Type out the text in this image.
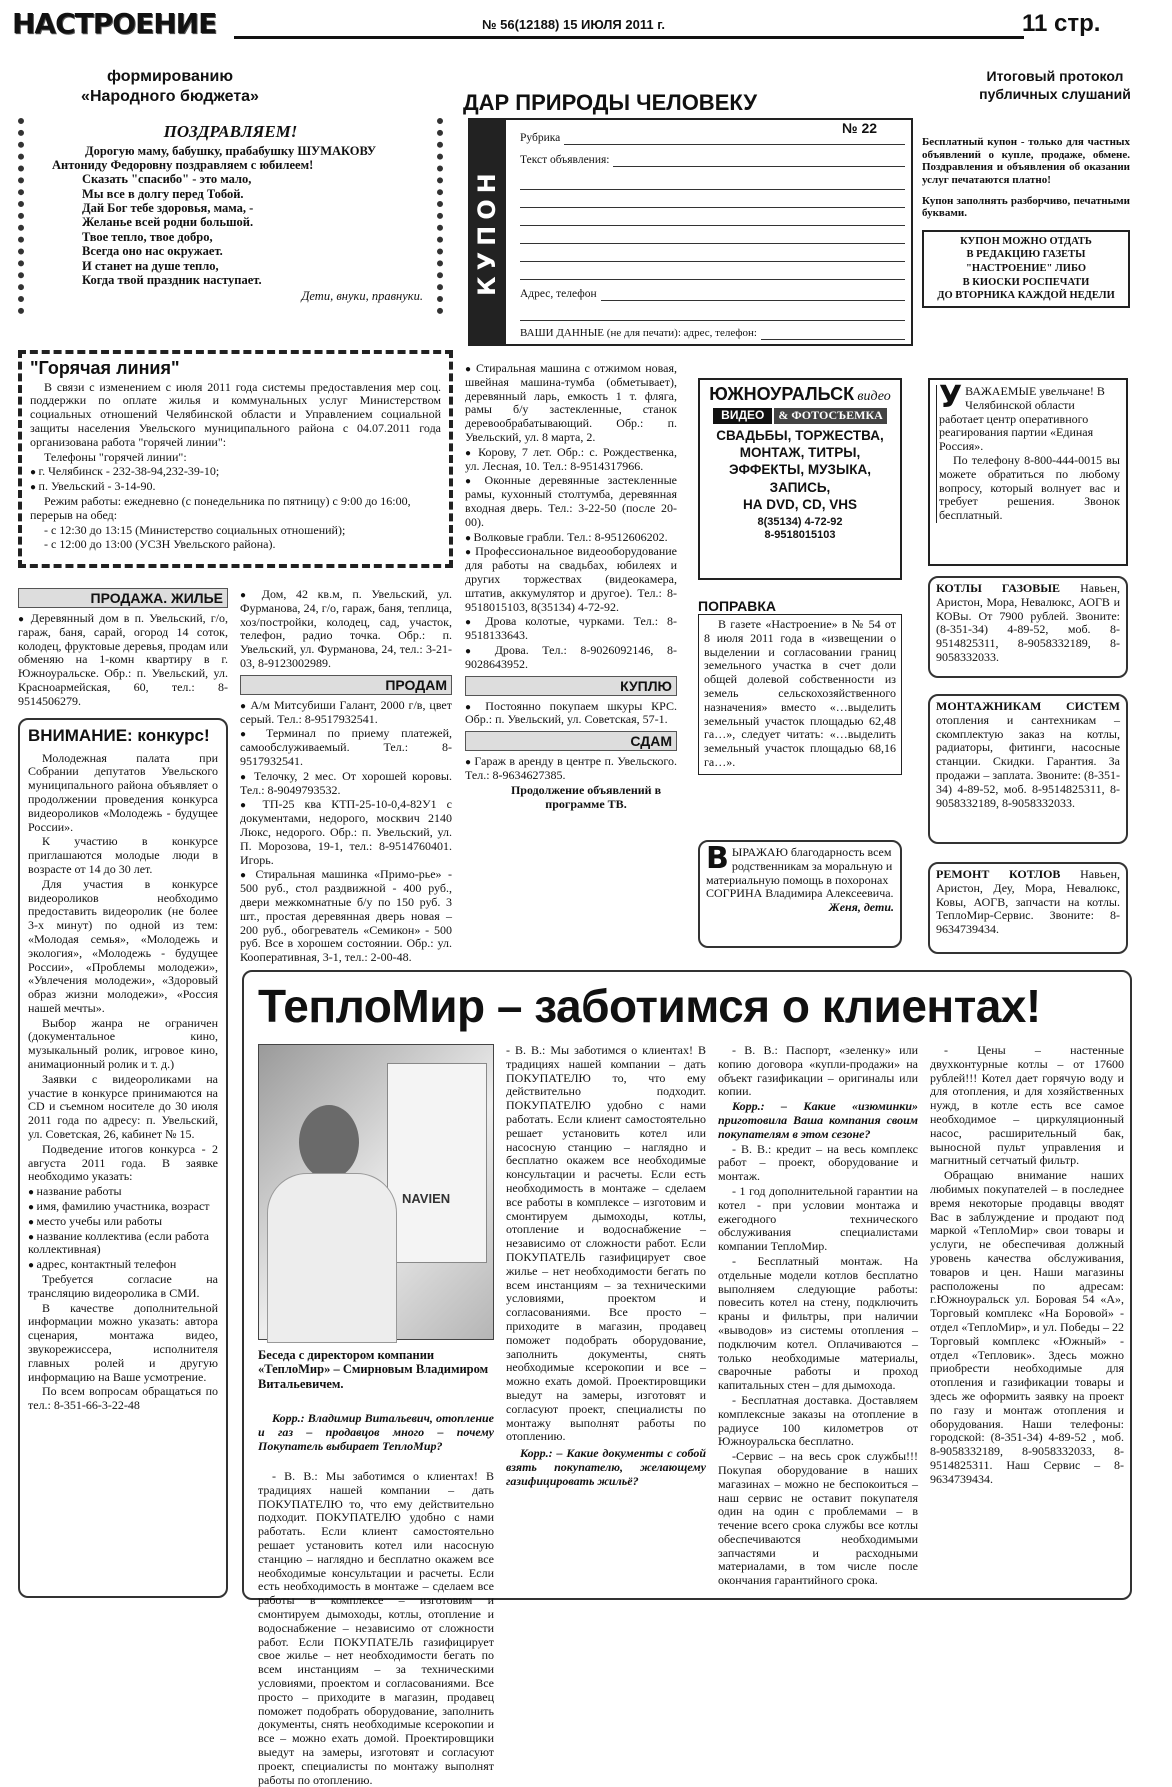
НАСТРОЕНИЕ	№ 56(12188) 15 ИЮЛЯ 2011 г.	11 стр.
формированию
«Народного бюджета»	ДАР ПРИРОДЫ ЧЕЛОВЕКУ
Итоговый протокол
публичных слушаний
ПОЗДРАВЛЯЕМ!
Дорогую маму, бабушку, прабабушку ШУМАКОВУ
Антониду Федоровну поздравляем с юбилеем!
Сказать "спасибо" - это мало,
Мы все в долгу перед Тобой.
Дай Бог тебе здоровья, мама, -
Желанье всей родни большой.
Твое тепло, твое добро,
Всегда оно нас окружает.
И станет на душе тепло,
Когда твой праздник наступает.
Дети, внуки, правнуки. КУПОН
№ 22
Рубрика
Текст объявления:
Адрес, телефон
ВАШИ ДАННЫЕ (не для печати): адрес, телефон:
Бесплатный купон - только для частных объявлений о купле, продаже, обмене. Поздравления и объявления об оказании услуг печатаются платно!
Купон заполнять разборчиво, печатными буквами.
КУПОН МОЖНО ОТДАТЬ
В РЕДАКЦИЮ ГАЗЕТЫ
"НАСТРОЕНИЕ" ЛИБО
В КИОСКИ РОСПЕЧАТИ
ДО ВТОРНИКА КАЖДОЙ НЕДЕЛИ
"Горячая линия"

В связи с изменением с июля 2011 года системы предоставления мер соц. поддержки по оплате жилья и коммунальных услуг Министерством социальных отношений Челябинской области и Управлением социальной защиты населения Увельского муниципального района с 04.07.2011 года организована работа "горячей линии":

Телефоны "горячей линии":

● г. Челябинск - 232-38-94,232-39-10;

● п. Увельский - 3-14-90.

Режим работы: ежедневно (с понедельника по пятницу) с 9:00 до 16:00, перерыв на обед:

- с 12:30 до 13:15 (Министерство социальных отношений);

- с 12:00 до 13:00 (УСЗН Увельского района).

ПРОДАЖА. ЖИЛЬЕ

● Деревянный дом в п. Увельский, г/о, гараж, баня, сарай, огород 14 соток, колодец, фруктовые деревья, продам или обменяю на 1-комн квартиру в г. Южноуральске. Обр.: п. Увельский, ул. Красноармейская, 60, тел.: 8-9514506279.

ВНИМАНИЕ: конкурс!

Молодежная палата при Собрании депутатов Увельского муниципального района объявляет о продолжении проведения конкурса видеороликов «Молодежь - будущее России».

К участию в конкурсе приглашаются молодые люди в возрасте от 14 до 30 лет.

Для участия в конкурсе видеороликов необходимо предоставить видеоролик (не более 3-х минут) по одной из тем: «Молодая семья», «Молодежь и экология», «Молодежь - будущее России», «Проблемы молодежи», «Увлечения молодежи», «Здоровый образ жизни молодежи», «Россия нашей мечты».

Выбор жанра не ограничен (документальное кино, музыкальный ролик, игровое кино, анимационный ролик и т. д.)

Заявки с видеороликами на участие в конкурсе принимаются на CD и съемном носителе до 30 июля 2011 года по адресу: п. Увельский, ул. Советская, 26, кабинет № 15.

Подведение итогов конкурса - 2 августа 2011 года. В заявке необходимо указать:

● название работы

● имя, фамилию участника, возраст

● место учебы или работы

● название коллектива (если работа коллективная)

● адрес, контактный телефон

Требуется согласие на трансляцию видеоролика в СМИ.

В качестве дополнительной информации можно указать: автора сценария, монтажа видео, звукорежиссера, исполнителя главных ролей и другую информацию на Ваше усмотрение.

По всем вопросам обращаться по тел.: 8-351-66-3-22-48

● Дом, 42 кв.м, п. Увельский, ул. Фурманова, 24, г/о, гараж, баня, теплица, хоз/постройки, колодец, сад, участок, телефон, радио точка. Обр.: п. Увельский, ул. Фурманова, 24, тел.: 3-21-03, 8-9123002989.

ПРОДАМ

● А/м Митсубиши Галант, 2000 г/в, цвет серый. Тел.: 8-9517932541.

● Терминал по приему платежей, самообслуживаемый. Тел.: 8-9517932541.

● Телочку, 2 мес. От хорошей коровы. Тел.: 8-9049793532.

● ТП-25 ква КТП-25-10-0,4-82У1 с документами, недорого, москвич 2140 Люкс, недорого. Обр.: п. Увельский, ул. П. Морозова, 19-1, тел.: 8-9514760401. Игорь.

● Стиральная машинка «Примо-рье» - 500 руб., стол раздвижной - 400 руб., двери межкомнатные б/у по 150 руб. 3 шт., простая деревянная дверь новая – 200 руб., обогреватель «Семикон» - 500 руб. Все в хорошем состоянии. Обр.: ул. Кооперативная, 3-1, тел.: 2-00-48.

● Стиральная машина с отжимом новая, швейная машина-тумба (обметывает), деревянный ларь, емкость 1 т. фляга, рамы б/у застекленные, станок деревообрабатывающий. Обр.: п. Увельский, ул. 8 марта, 2.

● Корову, 7 лет. Обр.: с. Рождественка, ул. Лесная, 10. Тел.: 8-9514317966.

● Оконные деревянные застекленные рамы, кухонный столтумба, деревянная входная дверь. Тел.: 3-22-50 (после 20-00).

● Волковые грабли. Тел.: 8-9512606202.

● Профессиональное видеооборудование для работы на свадьбах, юбилеях и других торжествах (видеокамера, штатив, аккумулятор и другое). Тел.: 8-9518015103, 8(35134) 4-72-92.

● Дрова колотые, чурками. Тел.: 8-9518133643.

● Дрова. Тел.: 8-9026092146, 8-9028643952.

КУПЛЮ

● Постоянно покупаем шкуры КРС. Обр.: п. Увельский, ул. Советская, 57-1.

СДАМ

● Гараж в аренду в центре п. Увельского. Тел.: 8-9634627385.

Продолжение объявлений в программе ТВ.

ЮЖНОУРАЛЬСК видео
ВИДЕО	& ФОТОСЪЕМКА
СВАДЬБЫ, ТОРЖЕСТВА,
МОНТАЖ, ТИТРЫ,
ЭФФЕКТЫ, МУЗЫКА,
ЗАПИСЬ,
НА DVD, CD, VHS
8(35134) 4-72-92
8-9518015103
ПОПРАВКА

В газете «Настроение» в № 54 от 8 июля 2011 года в «извещении о выделении и согласовании границ земельного участка в счет доли общей долевой собственности из земель сельскохозяйственного назначения» вместо «…выделить земельный участок площадью 62,48 га…», следует читать: «…выделить земельный участок площадью 68,16 га…».

В ЫРАЖАЮ благодарность всем родственникам за моральную и материальную помощь в похоронах СОГРИНА Владимира Алексеевича.
Женя, дети.
У ВАЖАЕМЫЕ увельчане! В Челябинской области работает центр оперативного реагирования партии «Единая Россия».

По телефону 8-800-444-0015 вы можете обратиться по любому вопросу, который волнует вас и требует решения. Звонок бесплатный.

КОТЛЫ ГАЗОВЫЕ Навьен, Аристон, Мора, Невалюкс, АОГВ и КОВы. От 7900 рублей. Звоните: (8-351-34) 4-89-52, моб. 8-9514825311, 8-9058332189, 8-9058332033.

МОНТАЖНИКАМ СИСТЕМ отопления и сантехникам – скомплектую заказ на котлы, радиаторы, фитинги, насосные станции. Скидки. Гарантия. За продажи – заплата. Звоните: (8-351-34) 4-89-52, моб. 8-9514825311, 8-9058332189, 8-9058332033.

РЕМОНТ КОТЛОВ Навьен, Аристон, Деу, Мора, Невалюкс, Ковы, АОГВ, запчасти на котлы. ТеплоМир-Сервис. Звоните: 8-9634739434.

ТеплоМир – заботимся о клиентах!
NAVIEN
Беседа с директором компании «ТеплоМир» – Смирновым Владимиром Витальевичем.

Корр.: Владимир Витальевич, отопление и газ – продавцов много – почему Покупатель выбирает ТеплоМир?

- В. В.: Мы заботимся о клиентах! В традициях нашей компании – дать ПОКУПАТЕЛЮ то, что ему действительно подходит. ПОКУПАТЕЛЮ удобно с нами работать. Если клиент самостоятельно решает установить котел или насосную станцию – наглядно и бесплатно окажем все необходимые консультации и расчеты. Если есть необходимость в монтаже – сделаем все работы в комплексе – изготовим и смонтируем дымоходы, котлы, отопление и водоснабжение – независимо от сложности работ. Если ПОКУПАТЕЛЬ газифицирует свое жилье – нет необходимости бегать по всем инстанциям – за техническими условиями, проектом и согласованиями. Все просто – приходите в магазин, продавец поможет подобрать оборудование, заполнить документы, снять необходимые ксерокопии и все – можно ехать домой. Проектировщики выедут на замеры, изготовят и согласуют проект, специалисты по монтажу выполнят работы по отоплению.

- В. В.: Мы заботимся о клиентах! В традициях нашей компании – дать ПОКУПАТЕЛЮ то, что ему действительно подходит. ПОКУПАТЕЛЮ удобно с нами работать. Если клиент самостоятельно решает установить котел или насосную станцию – наглядно и бесплатно окажем все необходимые консультации и расчеты. Если есть необходимость в монтаже – сделаем все работы в комплексе – изготовим и смонтируем дымоходы, котлы, отопление и водоснабжение – независимо от сложности работ. Если ПОКУПАТЕЛЬ газифицирует свое жилье – нет необходимости бегать по всем инстанциям – за техническими условиями, проектом и согласованиями. Все просто – приходите в магазин, продавец поможет подобрать оборудование, заполнить документы, снять необходимые ксерокопии и все – можно ехать домой. Проектировщики выедут на замеры, изготовят и согласуют проект, специалисты по монтажу выполнят работы по отоплению.

Корр.: – Какие документы с собой взять покупателю, желающему газифицировать жильё?

- В. В.: Паспорт, «зеленку» или копию договора «купли-продажи» на объект газификации – оригиналы или копии.

Корр.: – Какие «изюминки» приготовила Ваша компания своим покупателям в этом сезоне?

- В. В.: кредит – на весь комплекс работ – проект, оборудование и монтаж.

- 1 год дополнительной гарантии на котел - при условии монтажа и ежегодного технического обслуживания специалистами компании ТеплоМир.

- Бесплатный монтаж. На отдельные модели котлов бесплатно выполняем следующие работы: повесить котел на стену, подключить краны и фильтры, при наличии «выводов» из системы отопления – подключим котел. Оплачиваются – только необходимые материалы, сварочные работы и проход капитальных стен – для дымохода.

- Бесплатная доставка. Доставляем комплексные заказы на отопление в радиусе 100 километров от Южноуральска бесплатно.

-Сервис – на весь срок службы!!! Покупая оборудование в наших магазинах – можно не беспокоиться – наш сервис не оставит покупателя один на один с проблемами – в течение всего срока службы все котлы обеспечиваются необходимыми запчастями и расходными материалами, в том числе после окончания гарантийного срока.

- Цены – настенные двухконтурные котлы – от 17600 рублей!!! Котел дает горячую воду и для отопления, и для хозяйственных нужд, в котле есть все самое необходимое – циркуляционный насос, расширительный бак, выносной пульт управления и магнитный сетчатый фильтр.

Обращаю внимание наших любимых покупателей – в последнее время некоторые продавцы вводят Вас в заблуждение и продают под маркой «ТеплоМир» свои товары и услуги, не обеспечивая должный уровень качества обслуживания, товаров и цен. Наши магазины расположены по адресам: г.Южноуральск ул. Боровая 54 «А», Торговый комплекс «На Боровой» - отдел «ТеплоМир», и ул. Победы – 22 Торговый комплекс «Южный» - отдел «Тепловик». Здесь можно приобрести необходимые для отопления и газификации товары и здесь же оформить заявку на проект по газу и монтаж отопления и оборудования. Наши телефоны: городской: (8-351-34) 4-89-52 , моб. 8-9058332189, 8-9058332033, 8-9514825311. Наш Сервис – 8-9634739434.
